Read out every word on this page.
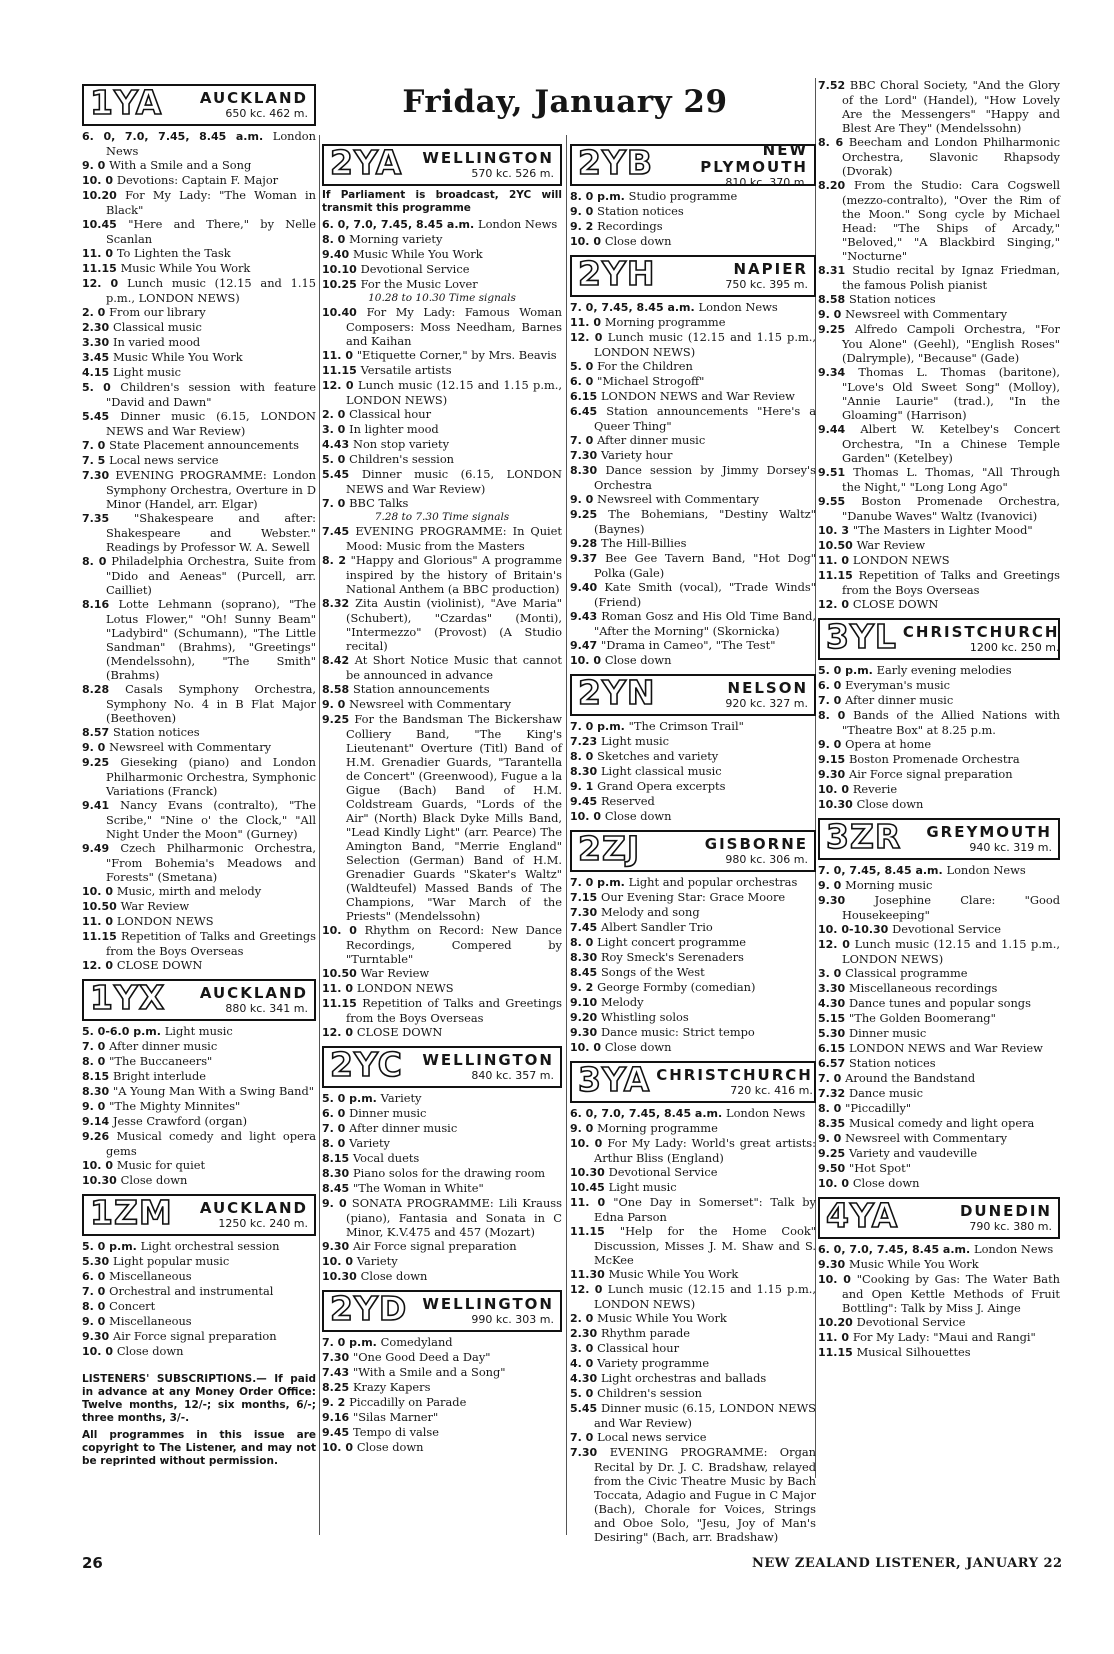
Friday, January 29
1YA	AUCKLAND
650 kc. 462 m.

6. 0, 7.0, 7.45, 8.45 a.m. London News

9. 0 With a Smile and a Song

10. 0 Devotions: Captain F. Major

10.20 For My Lady: "The Woman in Black"

10.45 "Here and There," by Nelle Scanlan

11. 0 To Lighten the Task

11.15 Music While You Work

12. 0 Lunch music (12.15 and 1.15 p.m., LONDON NEWS)

2. 0 From our library

2.30 Classical music

3.30 In varied mood

3.45 Music While You Work

4.15 Light music

5. 0 Children's session with feature "David and Dawn"

5.45 Dinner music (6.15, LONDON NEWS and War Review)

7. 0 State Placement announcements

7. 5 Local news service

7.30 EVENING PROGRAMME: London Symphony Orchestra, Overture in D Minor (Handel, arr. Elgar)

7.35 "Shakespeare and after: Shakespeare and Webster." Readings by Professor W. A. Sewell

8. 0 Philadelphia Orchestra, Suite from "Dido and Aeneas" (Purcell, arr. Cailliet)

8.16 Lotte Lehmann (soprano), "The Lotus Flower," "Oh! Sunny Beam" "Ladybird" (Schumann), "The Little Sandman" (Brahms), "Greetings" (Mendelssohn), "The Smith" (Brahms)

8.28 Casals Symphony Orchestra, Symphony No. 4 in B Flat Major (Beethoven)

8.57 Station notices

9. 0 Newsreel with Commentary

9.25 Gieseking (piano) and London Philharmonic Orchestra, Symphonic Variations (Franck)

9.41 Nancy Evans (contralto), "The Scribe," "Nine o' the Clock," "All Night Under the Moon" (Gurney)

9.49 Czech Philharmonic Orchestra, "From Bohemia's Meadows and Forests" (Smetana)

10. 0 Music, mirth and melody

10.50 War Review

11. 0 LONDON NEWS

11.15 Repetition of Talks and Greetings from the Boys Overseas

12. 0 CLOSE DOWN

1YX	AUCKLAND
880 kc. 341 m.

5. 0-6.0 p.m. Light music

7. 0 After dinner music

8. 0 "The Buccaneers"

8.15 Bright interlude

8.30 "A Young Man With a Swing Band"

9. 0 "The Mighty Minnites"

9.14 Jesse Crawford (organ)

9.26 Musical comedy and light opera gems

10. 0 Music for quiet

10.30 Close down

1ZM	AUCKLAND
1250 kc. 240 m.

5. 0 p.m. Light orchestral session

5.30 Light popular music

6. 0 Miscellaneous

7. 0 Orchestral and instrumental

8. 0 Concert

9. 0 Miscellaneous

9.30 Air Force signal preparation

10. 0 Close down

LISTENERS' SUBSCRIPTIONS.— If paid in advance at any Money Order Office: Twelve months, 12/-; six months, 6/-; three months, 3/-.

All programmes in this issue are copyright to The Listener, and may not be reprinted without permission.

2YA	WELLINGTON
570 kc. 526 m.

If Parliament is broadcast, 2YC will transmit this programme

6. 0, 7.0, 7.45, 8.45 a.m. London News

8. 0 Morning variety

9.40 Music While You Work

10.10 Devotional Service

10.25 For the Music Lover

10.28 to 10.30 Time signals

10.40 For My Lady: Famous Woman Composers: Moss Needham, Barnes and Kaihan

11. 0 "Etiquette Corner," by Mrs. Beavis

11.15 Versatile artists

12. 0 Lunch music (12.15 and 1.15 p.m., LONDON NEWS)

2. 0 Classical hour

3. 0 In lighter mood

4.43 Non stop variety

5. 0 Children's session

5.45 Dinner music (6.15, LONDON NEWS and War Review)

7. 0 BBC Talks

7.28 to 7.30 Time signals

7.45 EVENING PROGRAMME: In Quiet Mood: Music from the Masters

8. 2 "Happy and Glorious" A programme inspired by the history of Britain's National Anthem (a BBC production)

8.32 Zita Austin (violinist), "Ave Maria" (Schubert), "Czardas" (Monti), "Intermezzo" (Provost) (A Studio recital)

8.42 At Short Notice Music that cannot be announced in advance

8.58 Station announcements

9. 0 Newsreel with Commentary

9.25 For the Bandsman The Bickershaw Colliery Band, "The King's Lieutenant" Overture (Titl) Band of H.M. Grenadier Guards, "Tarantella de Concert" (Greenwood), Fugue a la Gigue (Bach) Band of H.M. Coldstream Guards, "Lords of the Air" (North) Black Dyke Mills Band, "Lead Kindly Light" (arr. Pearce) The Amington Band, "Merrie England" Selection (German) Band of H.M. Grenadier Guards "Skater's Waltz" (Waldteufel) Massed Bands of The Champions, "War March of the Priests" (Mendelssohn)

10. 0 Rhythm on Record: New Dance Recordings, Compered by "Turntable"

10.50 War Review

11. 0 LONDON NEWS

11.15 Repetition of Talks and Greetings from the Boys Overseas

12. 0 CLOSE DOWN

2YC	WELLINGTON
840 kc. 357 m.

5. 0 p.m. Variety

6. 0 Dinner music

7. 0 After dinner music

8. 0 Variety

8.15 Vocal duets

8.30 Piano solos for the drawing room

8.45 "The Woman in White"

9. 0 SONATA PROGRAMME: Lili Krauss (piano), Fantasia and Sonata in C Minor, K.V.475 and 457 (Mozart)

9.30 Air Force signal preparation

10. 0 Variety

10.30 Close down

2YD	WELLINGTON
990 kc. 303 m.

7. 0 p.m. Comedyland

7.30 "One Good Deed a Day"

7.43 "With a Smile and a Song"

8.25 Krazy Kapers

9. 2 Piccadilly on Parade

9.16 "Silas Marner"

9.45 Tempo di valse

10. 0 Close down

2YB	NEW PLYMOUTH
810 kc. 370 m.

8. 0 p.m. Studio programme

9. 0 Station notices

9. 2 Recordings

10. 0 Close down

2YH	NAPIER
750 kc. 395 m.

7. 0, 7.45, 8.45 a.m. London News

11. 0 Morning programme

12. 0 Lunch music (12.15 and 1.15 p.m., LONDON NEWS)

5. 0 For the Children

6. 0 "Michael Strogoff"

6.15 LONDON NEWS and War Review

6.45 Station announcements "Here's a Queer Thing"

7. 0 After dinner music

7.30 Variety hour

8.30 Dance session by Jimmy Dorsey's Orchestra

9. 0 Newsreel with Commentary

9.25 The Bohemians, "Destiny Waltz" (Baynes)

9.28 The Hill-Billies

9.37 Bee Gee Tavern Band, "Hot Dog" Polka (Gale)

9.40 Kate Smith (vocal), "Trade Winds" (Friend)

9.43 Roman Gosz and His Old Time Band, "After the Morning" (Skornicka)

9.47 "Drama in Cameo", "The Test"

10. 0 Close down

2YN	NELSON
920 kc. 327 m.

7. 0 p.m. "The Crimson Trail"

7.23 Light music

8. 0 Sketches and variety

8.30 Light classical music

9. 1 Grand Opera excerpts

9.45 Reserved

10. 0 Close down

2ZJ	GISBORNE
980 kc. 306 m.

7. 0 p.m. Light and popular orchestras

7.15 Our Evening Star: Grace Moore

7.30 Melody and song

7.45 Albert Sandler Trio

8. 0 Light concert programme

8.30 Roy Smeck's Serenaders

8.45 Songs of the West

9. 2 George Formby (comedian)

9.10 Melody

9.20 Whistling solos

9.30 Dance music: Strict tempo

10. 0 Close down

3YA CHRISTCHURCH
720 kc. 416 m.

6. 0, 7.0, 7.45, 8.45 a.m. London News

9. 0 Morning programme

10. 0 For My Lady: World's great artists: Arthur Bliss (England)

10.30 Devotional Service

10.45 Light music

11. 0 "One Day in Somerset": Talk by Edna Parson

11.15 "Help for the Home Cook" Discussion, Misses J. M. Shaw and S. McKee

11.30 Music While You Work

12. 0 Lunch music (12.15 and 1.15 p.m., LONDON NEWS)

2. 0 Music While You Work

2.30 Rhythm parade

3. 0 Classical hour

4. 0 Variety programme

4.30 Light orchestras and ballads

5. 0 Children's session

5.45 Dinner music (6.15, LONDON NEWS and War Review)

7. 0 Local news service

7.30 EVENING PROGRAMME: Organ Recital by Dr. J. C. Bradshaw, relayed from the Civic Theatre Music by Bach Toccata, Adagio and Fugue in C Major (Bach), Chorale for Voices, Strings and Oboe Solo, "Jesu, Joy of Man's Desiring" (Bach, arr. Bradshaw)

7.52 BBC Choral Society, "And the Glory of the Lord" (Handel), "How Lovely Are the Messengers" "Happy and Blest Are They" (Mendelssohn)

8. 6 Beecham and London Philharmonic Orchestra, Slavonic Rhapsody (Dvorak)

8.20 From the Studio: Cara Cogswell (mezzo-contralto), "Over the Rim of the Moon." Song cycle by Michael Head: "The Ships of Arcady," "Beloved," "A Blackbird Singing," "Nocturne"

8.31 Studio recital by Ignaz Friedman, the famous Polish pianist

8.58 Station notices

9. 0 Newsreel with Commentary

9.25 Alfredo Campoli Orchestra, "For You Alone" (Geehl), "English Roses" (Dalrymple), "Because" (Gade)

9.34 Thomas L. Thomas (baritone), "Love's Old Sweet Song" (Molloy), "Annie Laurie" (trad.), "In the Gloaming" (Harrison)

9.44 Albert W. Ketelbey's Concert Orchestra, "In a Chinese Temple Garden" (Ketelbey)

9.51 Thomas L. Thomas, "All Through the Night," "Long Long Ago"

9.55 Boston Promenade Orchestra, "Danube Waves" Waltz (Ivanovici)

10. 3 "The Masters in Lighter Mood"

10.50 War Review

11. 0 LONDON NEWS

11.15 Repetition of Talks and Greetings from the Boys Overseas

12. 0 CLOSE DOWN

3YL CHRISTCHURCH
1200 kc. 250 m.

5. 0 p.m. Early evening melodies

6. 0 Everyman's music

7. 0 After dinner music

8. 0 Bands of the Allied Nations with "Theatre Box" at 8.25 p.m.

9. 0 Opera at home

9.15 Boston Promenade Orchestra

9.30 Air Force signal preparation

10. 0 Reverie

10.30 Close down

3ZR	GREYMOUTH
940 kc. 319 m.

7. 0, 7.45, 8.45 a.m. London News

9. 0 Morning music

9.30 Josephine Clare: "Good Housekeeping"

10. 0-10.30 Devotional Service

12. 0 Lunch music (12.15 and 1.15 p.m., LONDON NEWS)

3. 0 Classical programme

3.30 Miscellaneous recordings

4.30 Dance tunes and popular songs

5.15 "The Golden Boomerang"

5.30 Dinner music

6.15 LONDON NEWS and War Review

6.57 Station notices

7. 0 Around the Bandstand

7.32 Dance music

8. 0 "Piccadilly"

8.35 Musical comedy and light opera

9. 0 Newsreel with Commentary

9.25 Variety and vaudeville

9.50 "Hot Spot"

10. 0 Close down

4YA	DUNEDIN
790 kc. 380 m.

6. 0, 7.0, 7.45, 8.45 a.m. London News

9.30 Music While You Work

10. 0 "Cooking by Gas: The Water Bath and Open Kettle Methods of Fruit Bottling": Talk by Miss J. Ainge

10.20 Devotional Service

11. 0 For My Lady: "Maui and Rangi"

11.15 Musical Silhouettes

26	NEW ZEALAND LISTENER, JANUARY 22
